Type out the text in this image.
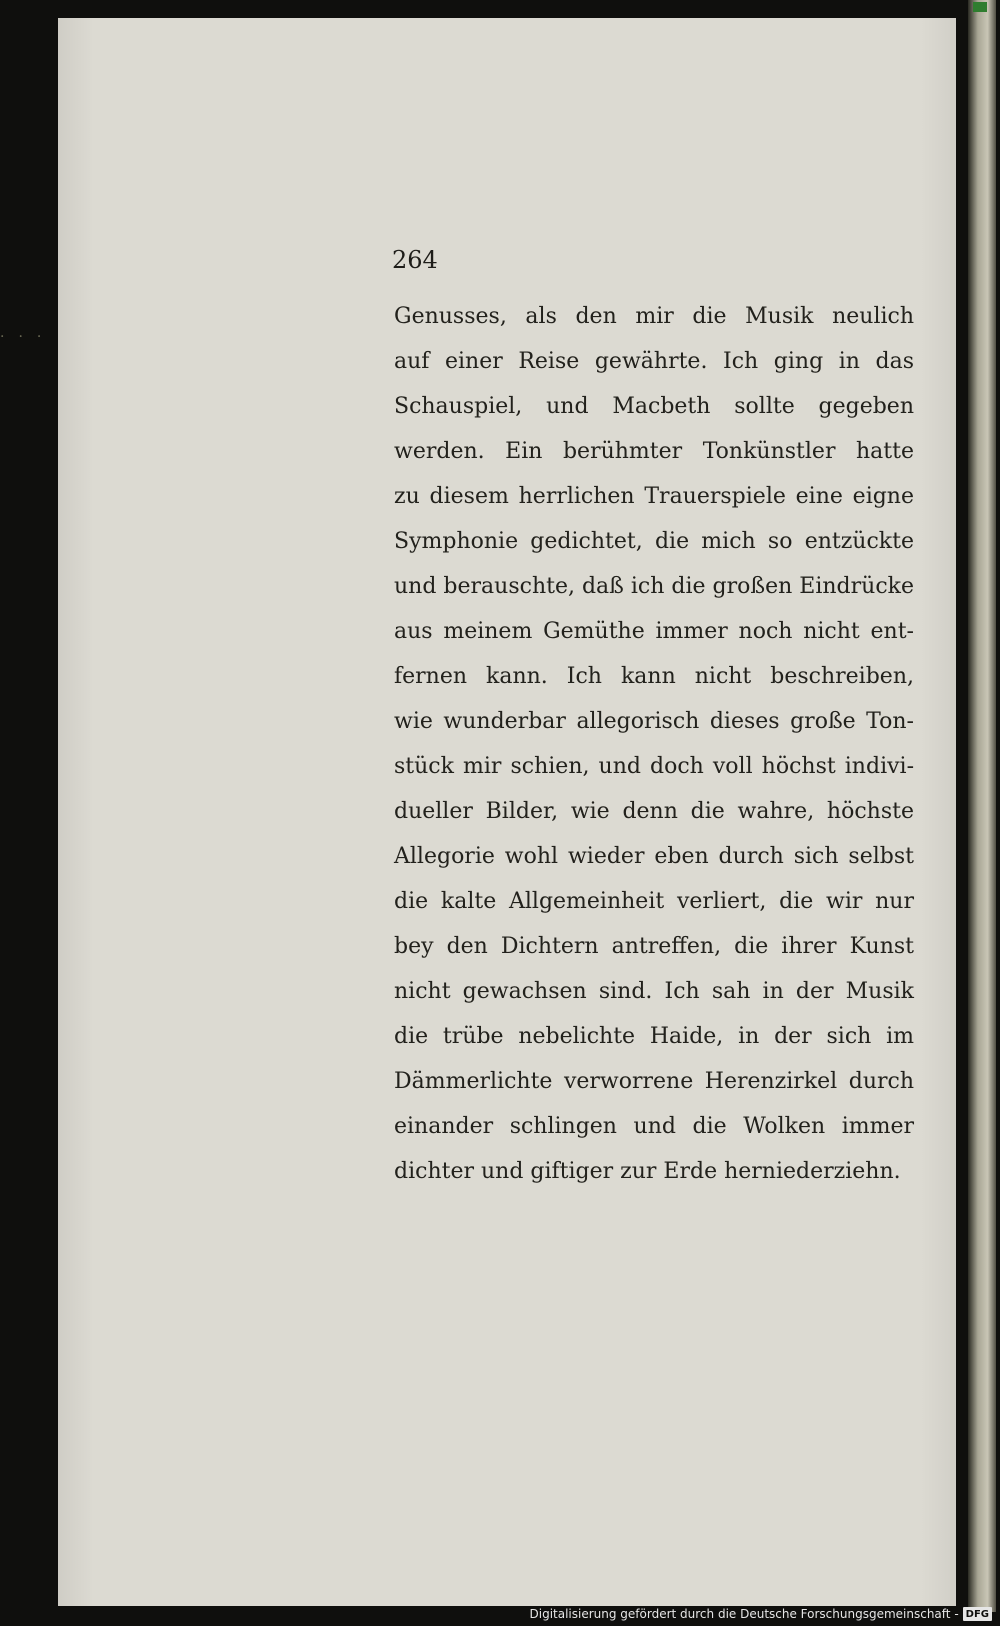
264
Genusses, als den mir die Musik neulich
auf einer Reise gewährte. Ich ging in das
Schauspiel, und Macbeth sollte gegeben
werden. Ein berühmter Tonkünstler hatte
zu diesem herrlichen Trauerspiele eine eigne
Symphonie gedichtet, die mich so entzückte
und berauschte, daß ich die großen Eindrücke
aus meinem Gemüthe immer noch nicht ent-
fernen kann. Ich kann nicht beschreiben,
wie wunderbar allegorisch dieses große Ton-
stück mir schien, und doch voll höchst indivi-
dueller Bilder, wie denn die wahre, höchste
Allegorie wohl wieder eben durch sich selbst
die kalte Allgemeinheit verliert, die wir nur
bey den Dichtern antreffen, die ihrer Kunst
nicht gewachsen sind. Ich sah in der Musik
die trübe nebelichte Haide, in der sich im
Dämmerlichte verworrene Herenzirkel durch
einander schlingen und die Wolken immer
dichter und giftiger zur Erde herniederziehn.
···
Digitalisierung gefördert durch die Deutsche Forschungsgemeinschaft - DFG
